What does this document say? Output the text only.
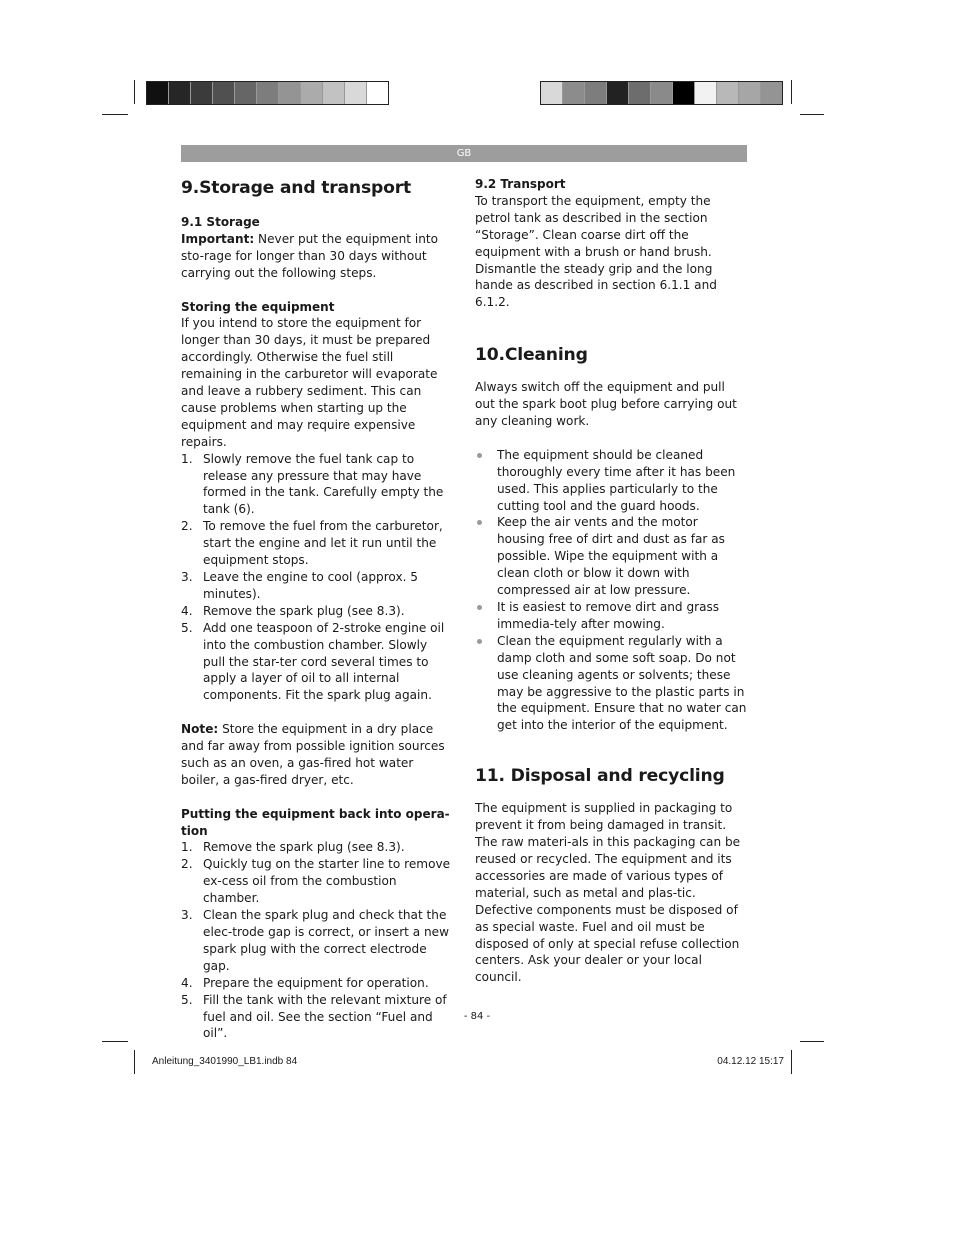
GB
9.Storage and transport
9.1 Storage

Important: Never put the equipment into sto-rage for longer than 30 days without carrying out the following steps.

Storing the equipment

If you intend to store the equipment for longer than 30 days, it must be prepared accordingly. Otherwise the fuel still remaining in the carburetor will evaporate and leave a rubbery sediment. This can cause problems when starting up the equipment and may require expensive repairs.

1. Slowly remove the fuel tank cap to release any pressure that may have formed in the tank. Carefully empty the tank (6).
2. To remove the fuel from the carburetor, start the engine and let it run until the equipment stops.
3. Leave the engine to cool (approx. 5 minutes).
4. Remove the spark plug (see 8.3).
5. Add one teaspoon of 2-stroke engine oil into the combustion chamber. Slowly pull the star-ter cord several times to apply a layer of oil to all internal components. Fit the spark plug again.

Note: Store the equipment in a dry place and far away from possible ignition sources such as an oven, a gas-fired hot water boiler, a gas-fired dryer, etc.

Putting the equipment back into opera-tion
1. Remove the spark plug (see 8.3).
2. Quickly tug on the starter line to remove ex-cess oil from the combustion chamber.
3. Clean the spark plug and check that the elec-trode gap is correct, or insert a new spark plug with the correct electrode gap.
4. Prepare the equipment for operation.
5. Fill the tank with the relevant mixture of fuel and oil. See the section “Fuel and oil”.
9.2 Transport

To transport the equipment, empty the petrol tank as described in the section “Storage”. Clean coarse dirt off the equipment with a brush or hand brush. Dismantle the steady grip and the long hande as described in section 6.1.1 and 6.1.2.

10.Cleaning

Always switch off the equipment and pull out the spark boot plug before carrying out any cleaning work.

The equipment should be cleaned thoroughly every time after it has been used. This applies particularly to the cutting tool and the guard hoods.
Keep the air vents and the motor housing free of dirt and dust as far as possible. Wipe the equipment with a clean cloth or blow it down with compressed air at low pressure.
It is easiest to remove dirt and grass immedia-tely after mowing.
Clean the equipment regularly with a damp cloth and some soft soap. Do not use cleaning agents or solvents; these may be aggressive to the plastic parts in the equipment. Ensure that no water can get into the interior of the equipment.
11. Disposal and recycling

The equipment is supplied in packaging to prevent it from being damaged in transit. The raw materi-als in this packaging can be reused or recycled. The equipment and its accessories are made of various types of material, such as metal and plas-tic. Defective components must be disposed of as special waste. Fuel and oil must be disposed of only at special refuse collection centers. Ask your dealer or your local council.

- 84 -
Anleitung_3401990_LB1.indb 84	04.12.12 15:17
